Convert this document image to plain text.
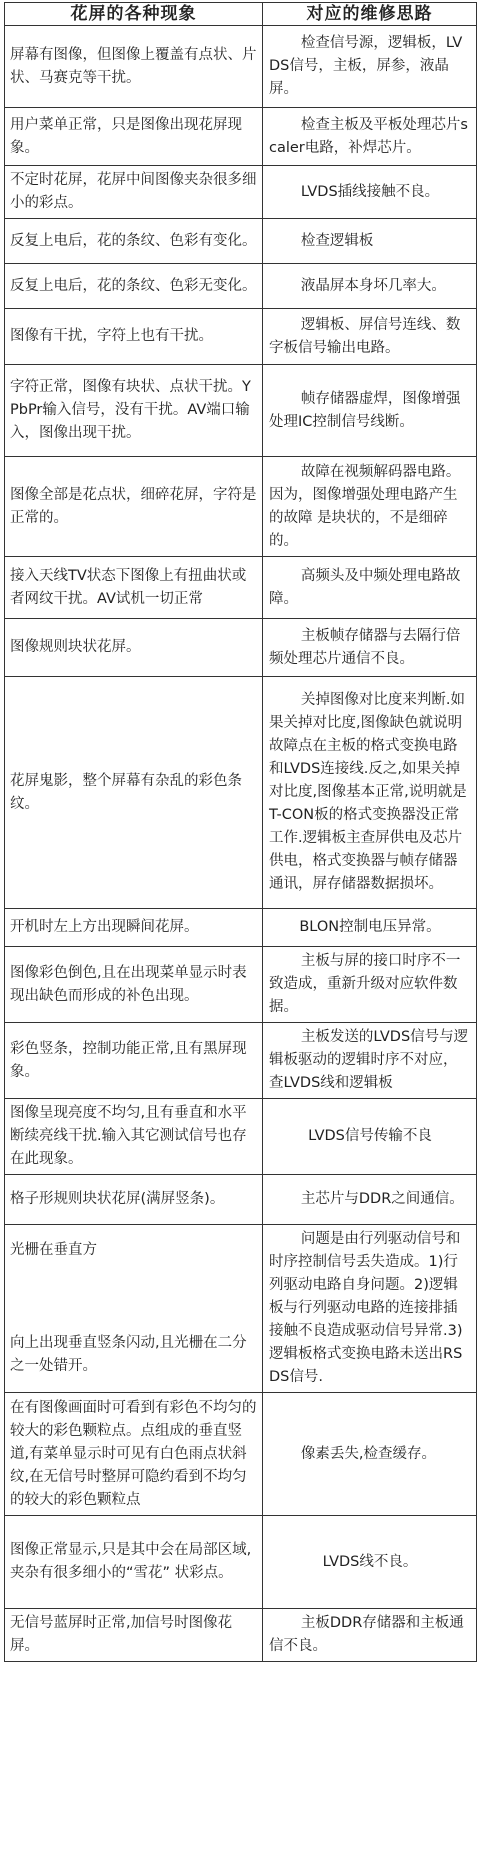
花屏的各种现象	对应的维修思路
屏幕有图像，但图像上覆盖有点状、片状、马赛克等干扰。	检查信号源，逻辑板，LVDS信号，主板，屏参，液晶屏。

用户菜单正常，只是图像出现花屏现象。	检查主板及平板处理芯片scaler电路，补焊芯片。

不定时花屏，花屏中间图像夹杂很多细小的彩点。	LVDS插线接触不良。

反复上电后，花的条纹、色彩有变化。	检查逻辑板

反复上电后，花的条纹、色彩无变化。	液晶屏本身坏几率大。

图像有干扰，字符上也有干扰。	逻辑板、屏信号连线、数字板信号输出电路。

字符正常，图像有块状、点状干扰。YPbPr输入信号，没有干扰。AV端口输入，图像出现干扰。	帧存储器虚焊，图像增强处理IC控制信号线断。

图像全部是花点状，细碎花屏，字符是正常的。	故障在视频解码器电路。因为，图像增强处理电路产生的故障 是块状的，不是细碎的。

接入天线TV状态下图像上有扭曲状或者网纹干扰。AV试机一切正常	高频头及中频处理电路故障。

图像规则块状花屏。	主板帧存储器与去隔行倍频处理芯片通信不良。

花屏鬼影，整个屏幕有杂乱的彩色条纹。	关掉图像对比度来判断.如果关掉对比度,图像缺色就说明故障点在主板的格式变换电路和LVDS连接线.反之,如果关掉对比度,图像基本正常,说明就是T-CON板的格式变换器没正常工作.逻辑板主查屏供电及芯片供电，格式变换器与帧存储器通讯，屏存储器数据损坏。

开机时左上方出现瞬间花屏。	BLON控制电压异常。

图像彩色倒色,且在出现菜单显示时表现出缺色而形成的补色出现。	主板与屏的接口时序不一致造成，重新升级对应软件数据。

彩色竖条，控制功能正常,且有黑屏现象。	主板发送的LVDS信号与逻辑板驱动的逻辑时序不对应，查LVDS线和逻辑板

图像呈现亮度不均匀,且有垂直和水平断续亮线干扰.输入其它测试信号也存在此现象。	LVDS信号传输不良

格子形规则块状花屏(满屏竖条)。	主芯片与DDR之间通信。

光栅在垂直方
向上出现垂直竖条闪动,且光栅在二分之一处错开。	问题是由行列驱动信号和时序控制信号丢失造成。1)行列驱动电路自身问题。2)逻辑板与行列驱动电路的连接排插接触不良造成驱动信号异常.3)逻辑板格式变换电路未送出RSDS信号.

在有图像画面时可看到有彩色不均匀的较大的彩色颗粒点。点组成的垂直竖道,有菜单显示时可见有白色雨点状斜纹,在无信号时整屏可隐约看到不均匀的较大的彩色颗粒点	像素丢失,检查缓存。

图像正常显示,只是其中会在局部区域,夹杂有很多细小的“雪花” 状彩点。	LVDS线不良。

无信号蓝屏时正常,加信号时图像花屏。	主板DDR存储器和主板通信不良。
